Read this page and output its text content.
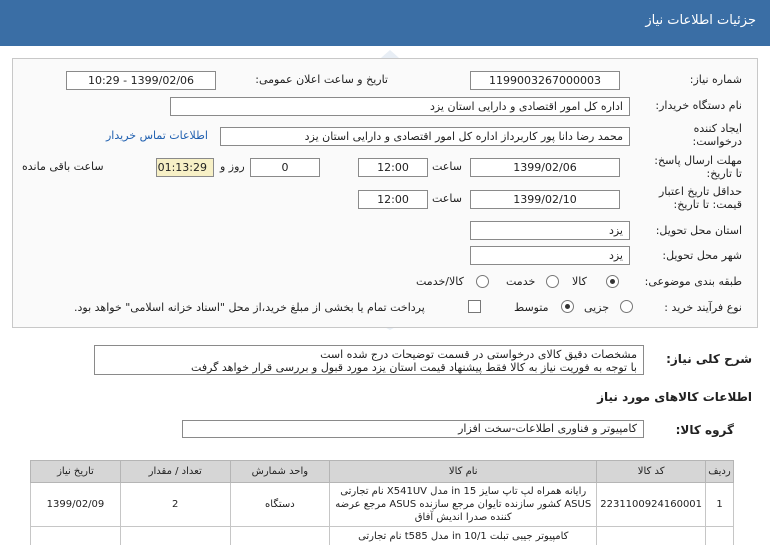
جزئیات اطلاعات نیاز
شماره نیاز:
1199003267000003
تاریخ و ساعت اعلان عمومی:
1399/02/06 - 10:29
نام دستگاه خریدار:
اداره کل امور اقتصادی و دارایی استان یزد
ایجاد کننده
درخواست:
محمد رضا دانا پور کاربرداز اداره کل امور اقتصادی و دارایی استان یزد
اطلاعات تماس خریدار
مهلت ارسال پاسخ:
تا تاریخ:
1399/02/06
ساعت
12:00
0
روز و
01:13:29
ساعت باقی مانده
حداقل تاریخ اعتبار
قیمت: تا تاریخ:
1399/02/10
ساعت
12:00
استان محل تحویل:
یزد
شهر محل تحویل:
یزد
طبقه بندی موضوعی:
کالا
خدمت
کالا/خدمت
نوع فرآیند خرید :
جزیی
متوسط
پرداخت تمام یا بخشی از مبلغ خرید،از محل "اسناد خزانه اسلامی" خواهد بود.
شرح کلی نیاز:
مشخصات دقیق کالای درخواستی در قسمت توضیحات درج شده است
با توجه به فوریت نیاز به کالا فقط پیشنهاد قیمت استان یزد مورد قبول و بررسی قرار خواهد گرفت
اطلاعات کالاهای مورد نیاز
گروه کالا:
کامپیوتر و فناوری اطلاعات-سخت افزار
ردیف	کد کالا	نام کالا	واحد شمارش	تعداد / مقدار	تاریخ نیاز
1	2231100924160001	رایانه همراه لپ تاپ سایز 15 in مدل X541UV نام تجارتی ASUS کشور سازنده تایوان مرجع سازنده ASUS مرجع عرضه کننده صدرا اندیش آفاق	دستگاه	2	1399/02/09
		کامپیوتر جیبی تبلت 10/1 in مدل t585 نام تجارتی			
